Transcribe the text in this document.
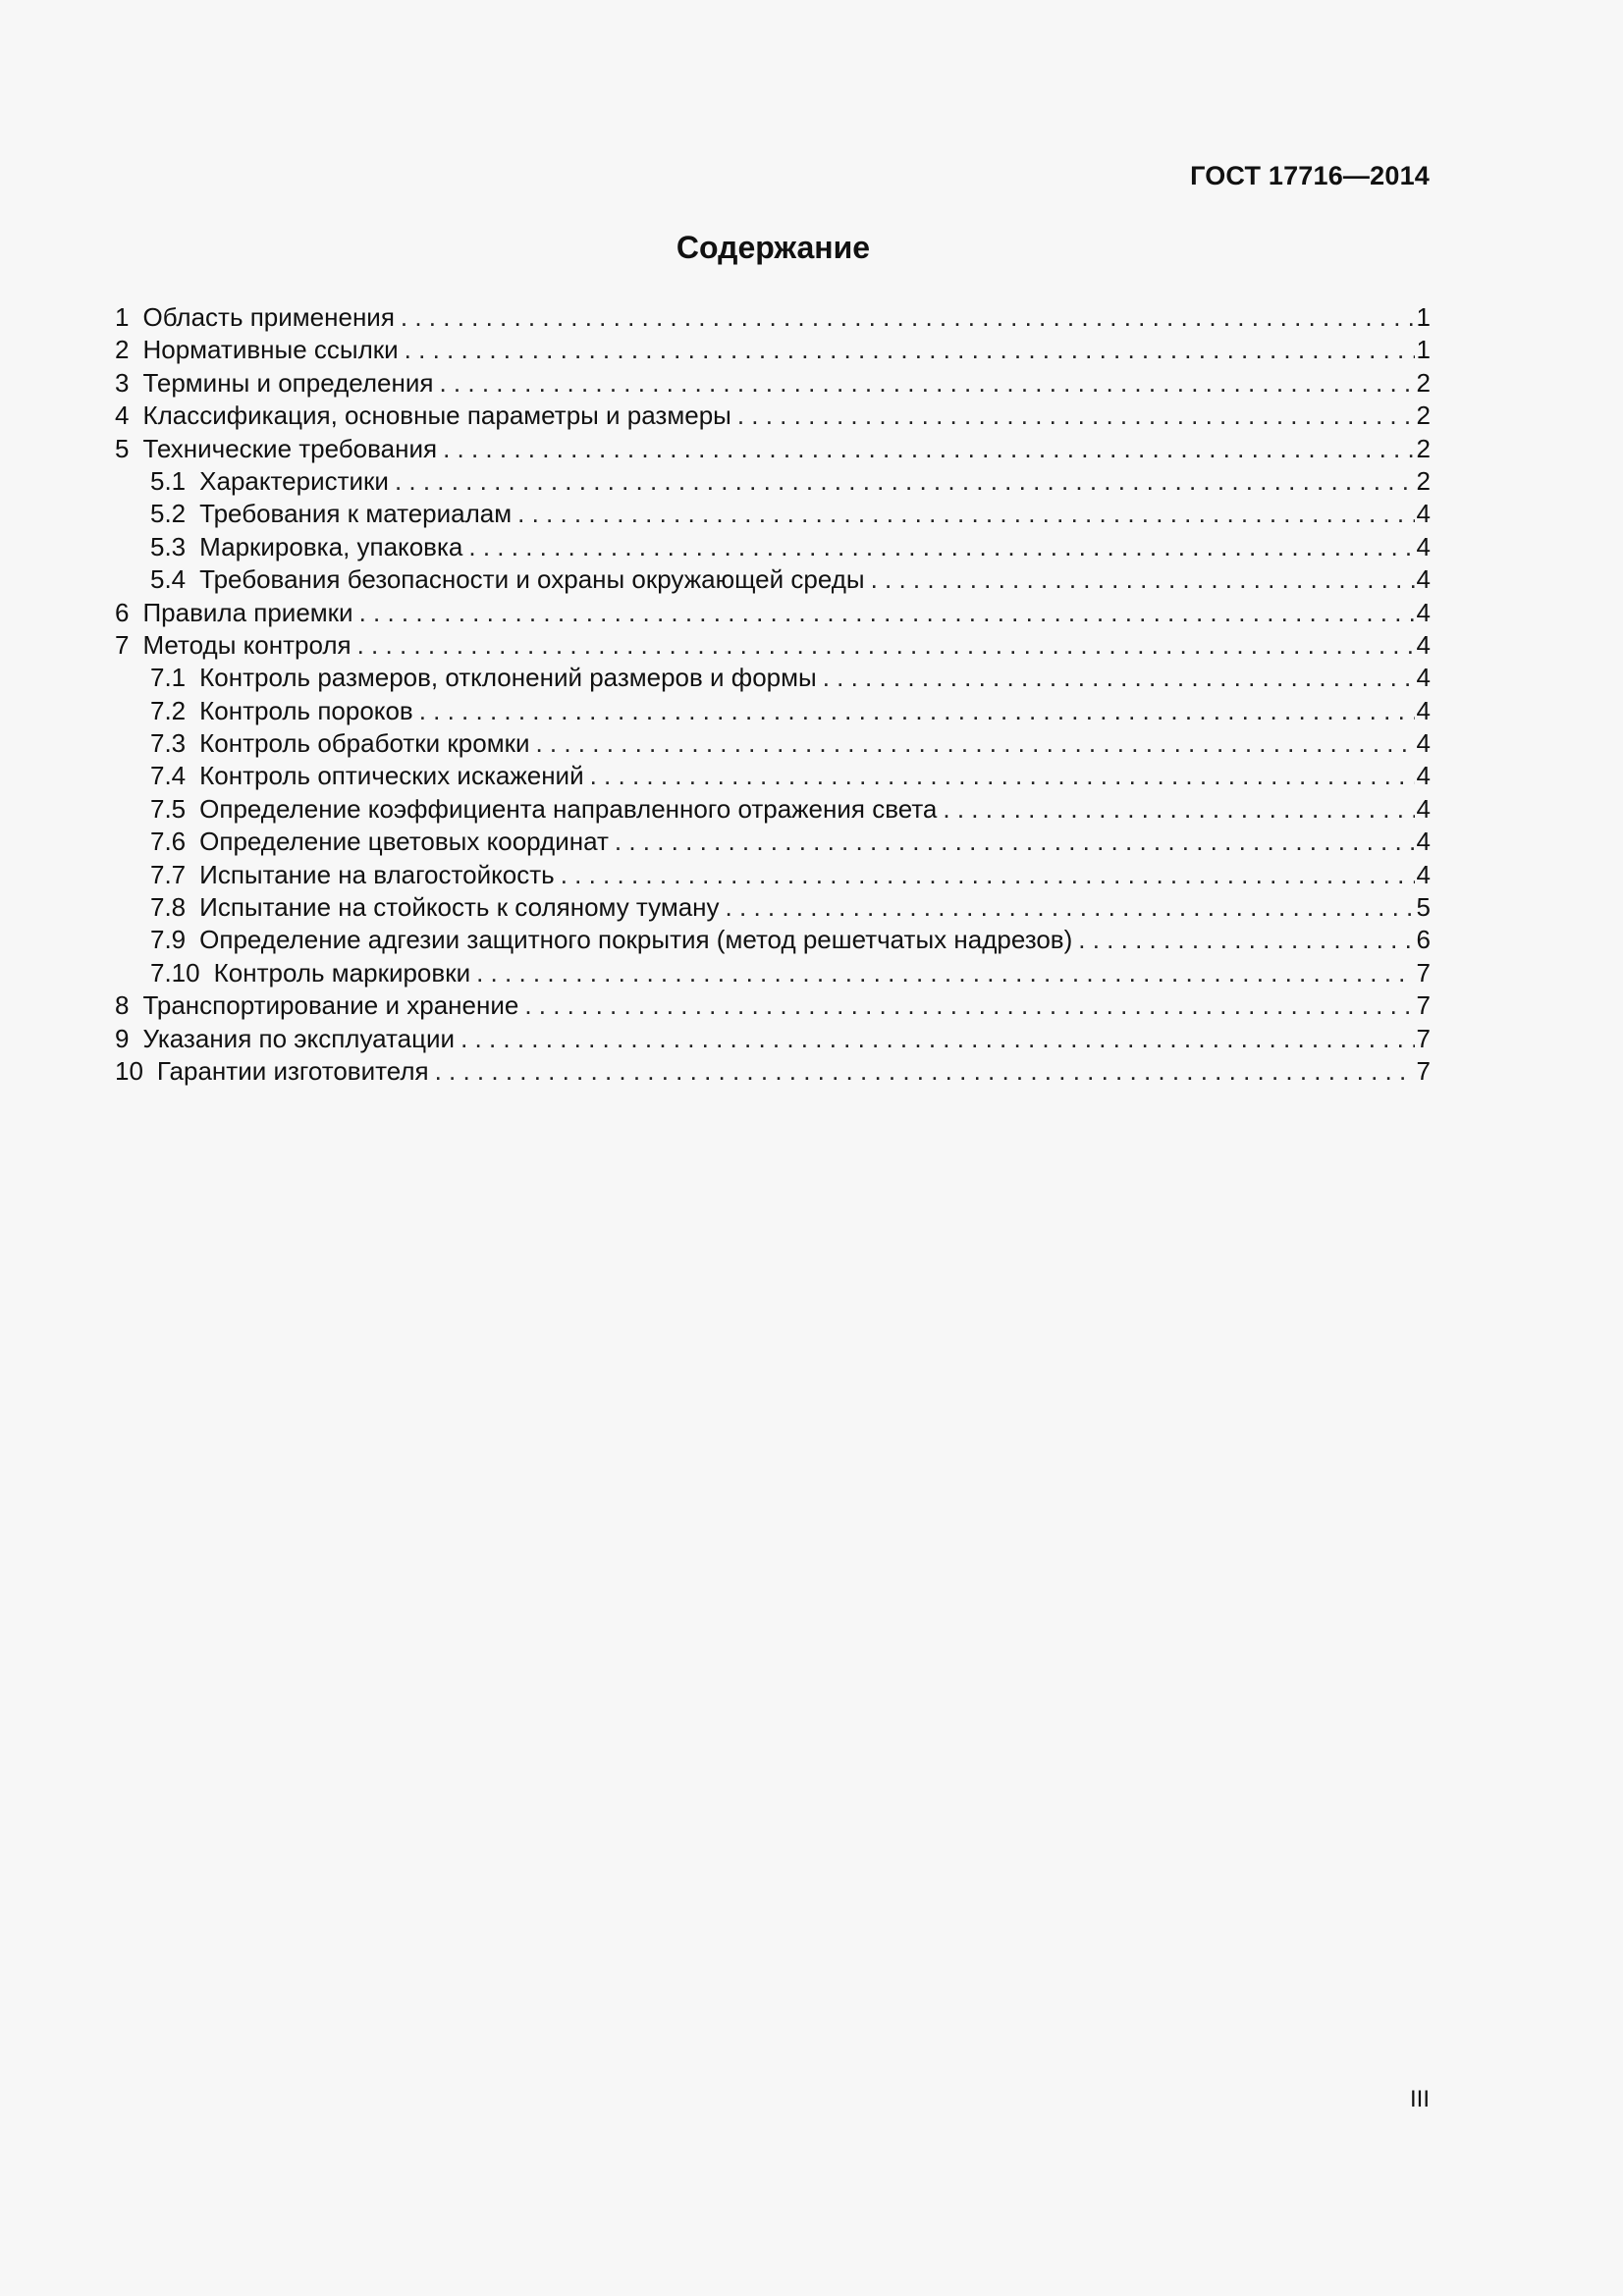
ГОСТ 17716—2014
Содержание
1 Область применения . . .	1
2 Нормативные ссылки . . .	1
3 Термины и определения . . .	2
4 Классификация, основные параметры и размеры . . .	2
5 Технические требования . . .	2
5.1 Характеристики . . .	2
5.2 Требования к материалам . . .	4
5.3 Маркировка, упаковка . . .	4
5.4 Требования безопасности и охраны окружающей среды . . .	4
6 Правила приемки . . .	4
7 Методы контроля . . .	4
7.1 Контроль размеров, отклонений размеров и формы . . .	4
7.2 Контроль пороков . . .	4
7.3 Контроль обработки кромки . . .	4
7.4 Контроль оптических искажений . . .	4
7.5 Определение коэффициента направленного отражения света . . .	4
7.6 Определение цветовых координат . . .	4
7.7 Испытание на влагостойкость . . .	4
7.8 Испытание на стойкость к соляному туману . . .	5
7.9 Определение адгезии защитного покрытия (метод решетчатых надрезов) . . .	6
7.10 Контроль маркировки . . .	7
8 Транспортирование и хранение . . .	7
9 Указания по эксплуатации . . .	7
10 Гарантии изготовителя . . .	7
III
